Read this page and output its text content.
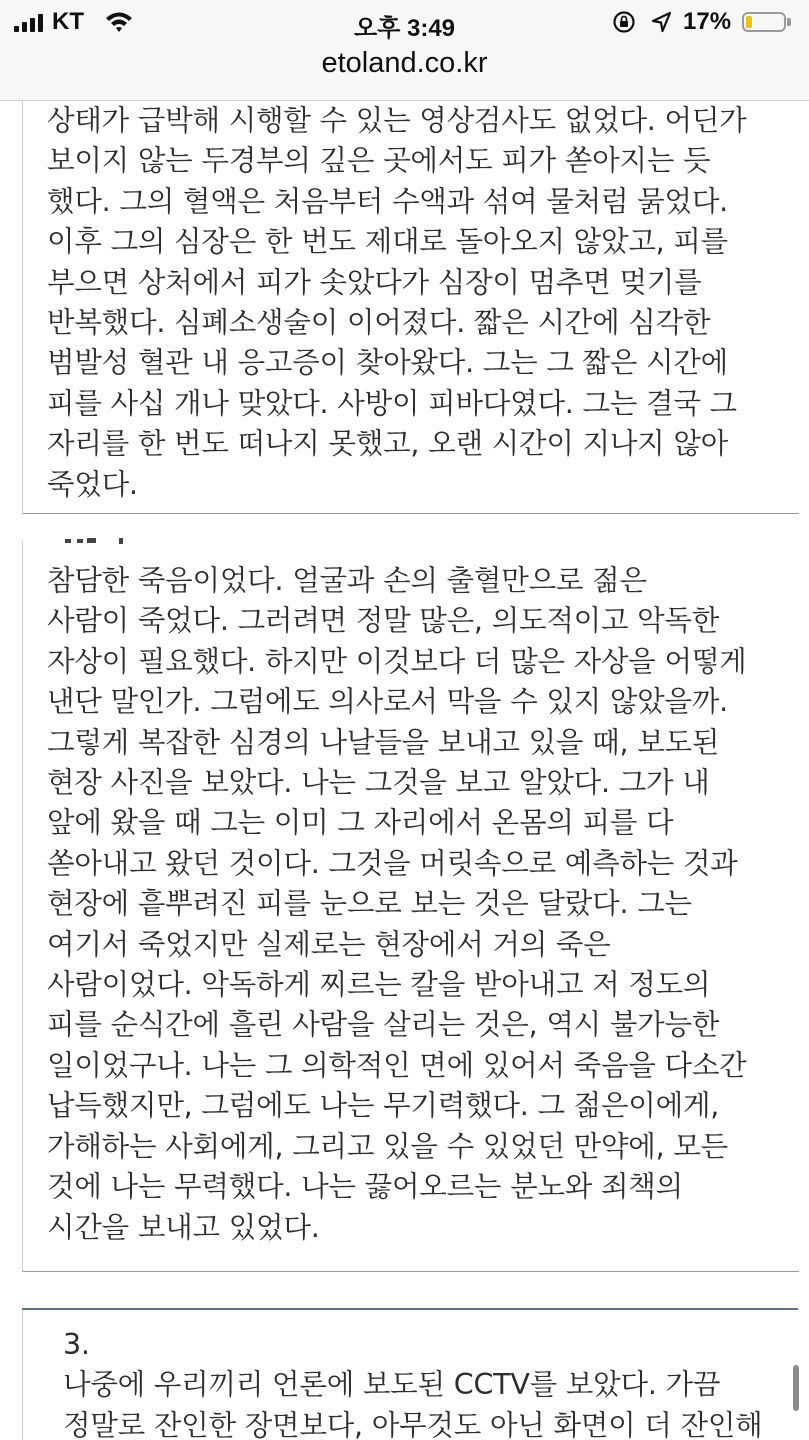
KT	오후 3:49	17%
etoland.co.kr

상태가 급박해 시행할 수 있는 영상검사도 없었다. 어딘가

보이지 않는 두경부의 깊은 곳에서도 피가 쏟아지는 듯

했다. 그의 혈액은 처음부터 수액과 섞여 물처럼 묽었다.

이후 그의 심장은 한 번도 제대로 돌아오지 않았고, 피를

부으면 상처에서 피가 솟았다가 심장이 멈추면 멎기를

반복했다. 심폐소생술이 이어졌다. 짧은 시간에 심각한

범발성 혈관 내 응고증이 찾아왔다. 그는 그 짧은 시간에

피를 사십 개나 맞았다. 사방이 피바다였다. 그는 결국 그

자리를 한 번도 떠나지 못했고, 오랜 시간이 지나지 않아

죽었다.

참담한 죽음이었다. 얼굴과 손의 출혈만으로 젊은

사람이 죽었다. 그러려면 정말 많은, 의도적이고 악독한

자상이 필요했다. 하지만 이것보다 더 많은 자상을 어떻게

낸단 말인가. 그럼에도 의사로서 막을 수 있지 않았을까.

그렇게 복잡한 심경의 나날들을 보내고 있을 때, 보도된

현장 사진을 보았다. 나는 그것을 보고 알았다. 그가 내

앞에 왔을 때 그는 이미 그 자리에서 온몸의 피를 다

쏟아내고 왔던 것이다. 그것을 머릿속으로 예측하는 것과

현장에 흩뿌려진 피를 눈으로 보는 것은 달랐다. 그는

여기서 죽었지만 실제로는 현장에서 거의 죽은

사람이었다. 악독하게 찌르는 칼을 받아내고 저 정도의

피를 순식간에 흘린 사람을 살리는 것은, 역시 불가능한

일이었구나. 나는 그 의학적인 면에 있어서 죽음을 다소간

납득했지만, 그럼에도 나는 무기력했다. 그 젊은이에게,

가해하는 사회에게, 그리고 있을 수 있었던 만약에, 모든

것에 나는 무력했다. 나는 끓어오르는 분노와 죄책의

시간을 보내고 있었다.

3.

나중에 우리끼리 언론에 보도된 CCTV를 보았다. 가끔

정말로 잔인한 장면보다, 아무것도 아닌 화면이 더 잔인해
